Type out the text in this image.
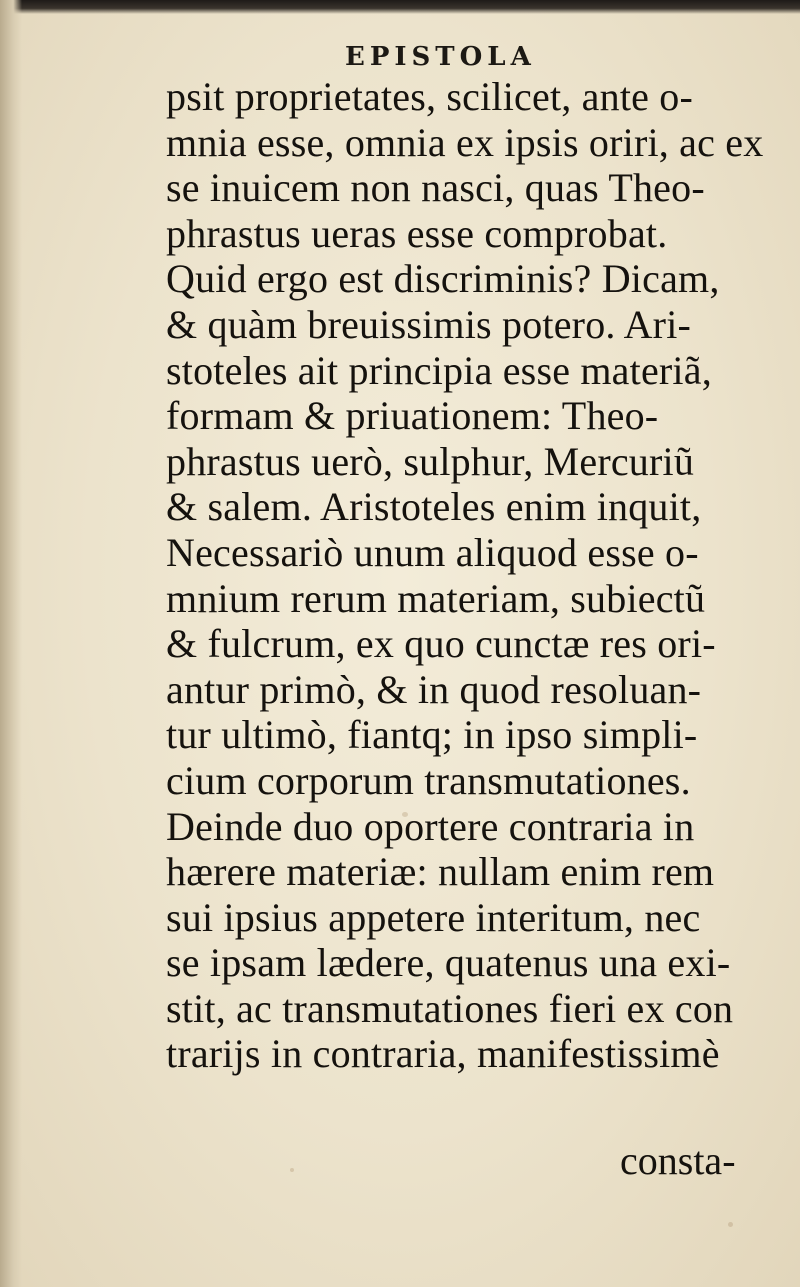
EPISTOLA
psit proprietates, scilicet, ante o-
mnia esse, omnia ex ipsis oriri, ac ex
se inuicem non nasci, quas Theo-
phrastus ueras esse comprobat.
Quid ergo est discriminis? Dicam,
& quàm breuissimis potero. Ari-
stoteles ait principia esse materiã,
formam & priuationem: Theo-
phrastus uerò, sulphur, Mercuriũ
& salem. Aristoteles enim inquit,
Necessariò unum aliquod esse o-
mnium rerum materiam, subiectũ
& fulcrum, ex quo cunctæ res ori-
antur primò, & in quod resoluan-
tur ultimò, fiantq; in ipso simpli-
cium corporum transmutationes.
Deinde duo oportere contraria in
hærere materiæ: nullam enim rem
sui ipsius appetere interitum, nec
se ipsam lædere, quatenus una exi-
stit, ac transmutationes fieri ex con
trarijs in contraria, manifestissimè
consta-
